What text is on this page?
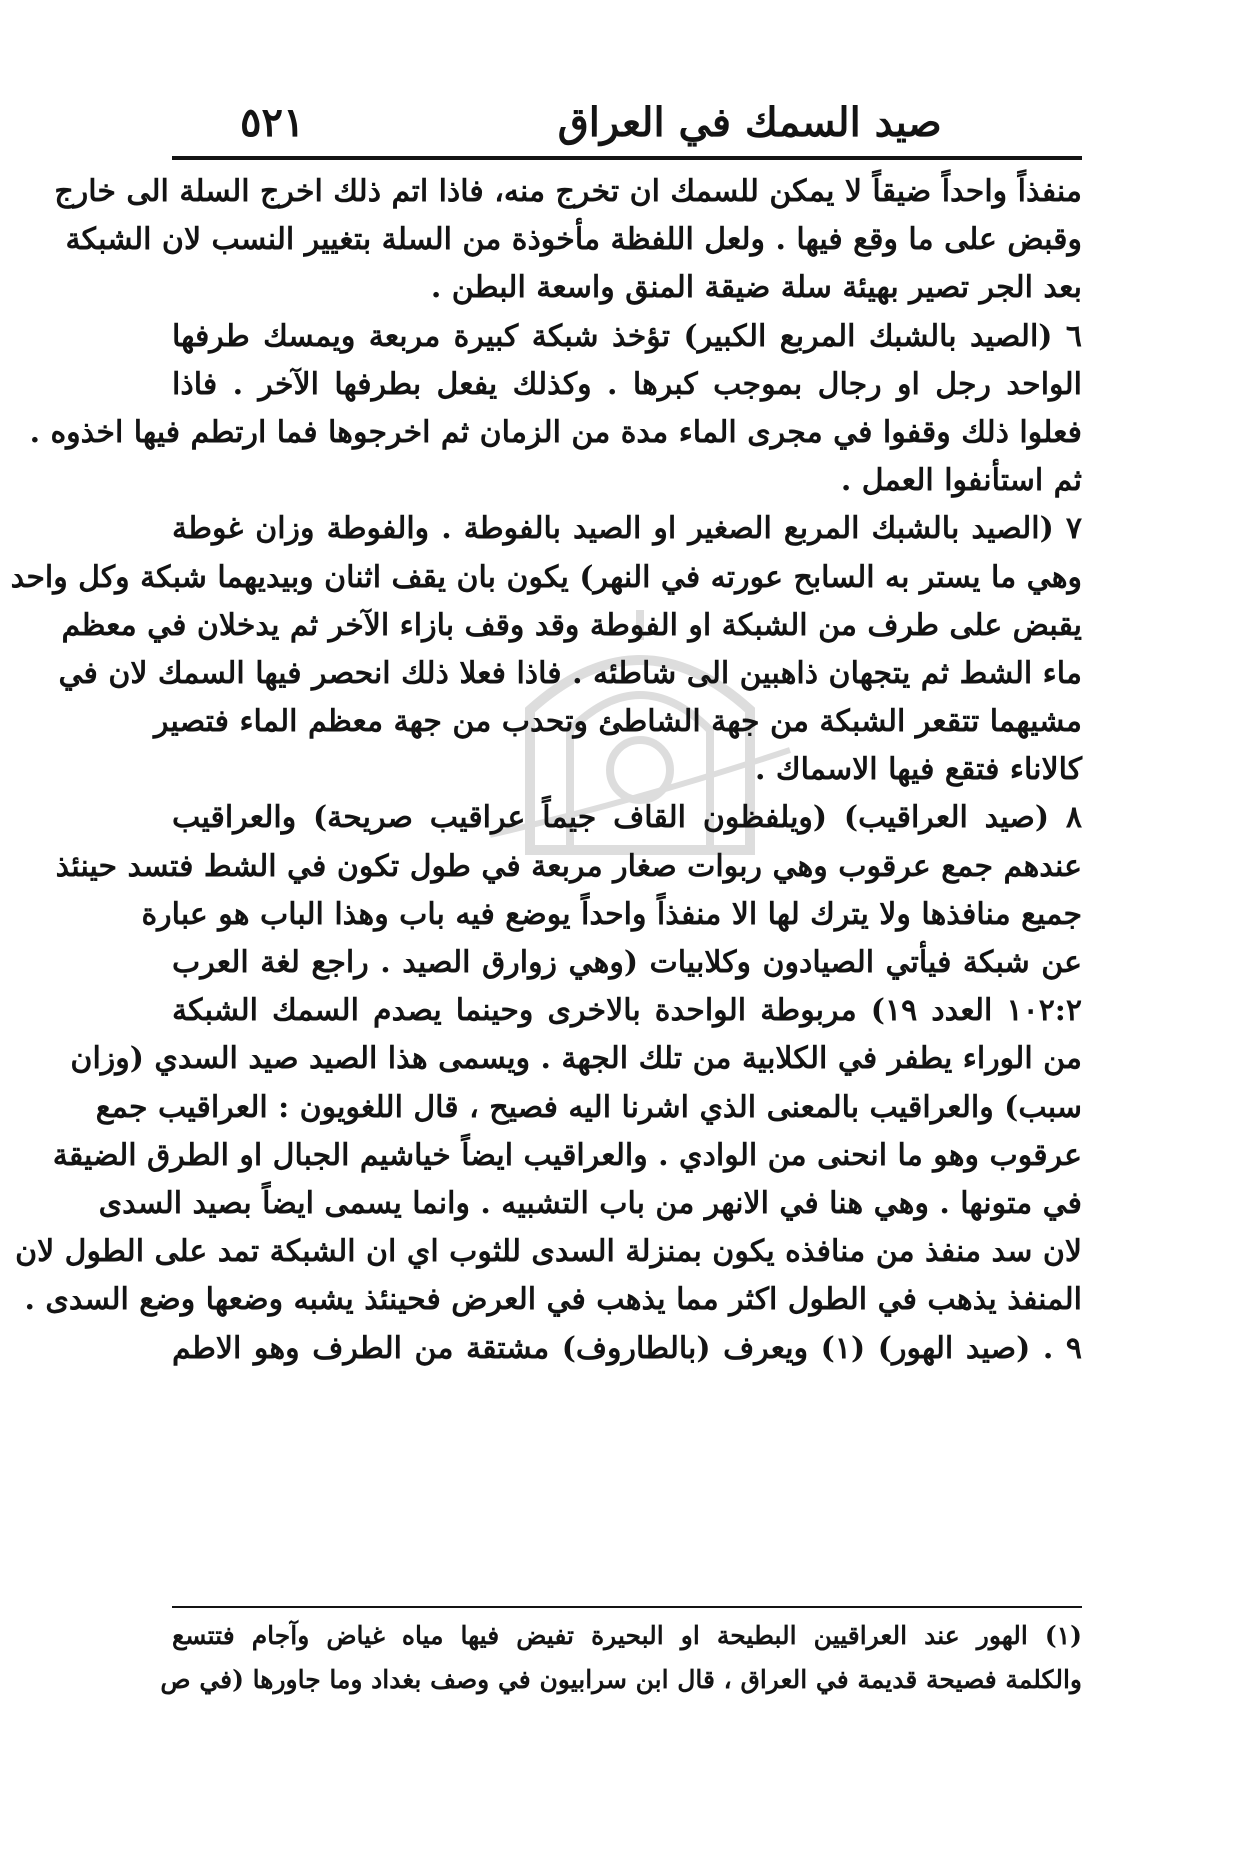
صيد السمك في العراق
٥٢١
منفذاً واحداً ضيقاً لا يمكن للسمك ان تخرج منه، فاذا اتم ذلك اخرج السلة الى خارج
وقبض على ما وقع فيها . ولعل اللفظة مأخوذة من السلة بتغيير النسب لان الشبكة
بعد الجر تصير بهيئة سلة ضيقة المنق واسعة البطن .
٦ (الصيد بالشبك المربع الكبير) تؤخذ شبكة كبيرة مربعة ويمسك طرفها
الواحد رجل او رجال بموجب كبرها . وكذلك يفعل بطرفها الآخر . فاذا
فعلوا ذلك وقفوا في مجرى الماء مدة من الزمان ثم اخرجوها فما ارتطم فيها اخذوه .
ثم استأنفوا العمل .
٧ (الصيد بالشبك المربع الصغير او الصيد بالفوطة . والفوطة وزان غوطة
وهي ما يستر به السابح عورته في النهر) يكون بان يقف اثنان وبيديهما شبكة وكل واحد
يقبض على طرف من الشبكة او الفوطة وقد وقف بازاء الآخر ثم يدخلان في معظم
ماء الشط ثم يتجهان ذاهبين الى شاطئه . فاذا فعلا ذلك انحصر فيها السمك لان في
مشيهما تتقعر الشبكة من جهة الشاطئ وتحدب من جهة معظم الماء فتصير
كالاناء فتقع فيها الاسماك .
٨ (صيد العراقيب) (ويلفظون القاف جيماً عراقيب صريحة) والعراقيب
عندهم جمع عرقوب وهي ربوات صغار مربعة في طول تكون في الشط فتسد حينئذ
جميع منافذها ولا يترك لها الا منفذاً واحداً يوضع فيه باب وهذا الباب هو عبارة
عن شبكة فيأتي الصيادون وكلابيات (وهي زوارق الصيد . راجع لغة العرب
١٠٢:٢ العدد ١٩) مربوطة الواحدة بالاخرى وحينما يصدم السمك الشبكة
من الوراء يطفر في الكلابية من تلك الجهة . ويسمى هذا الصيد صيد السدي (وزان
سبب) والعراقيب بالمعنى الذي اشرنا اليه فصيح ، قال اللغويون : العراقيب جمع
عرقوب وهو ما انحنى من الوادي . والعراقيب ايضاً خياشيم الجبال او الطرق الضيقة
في متونها . وهي هنا في الانهر من باب التشبيه . وانما يسمى ايضاً بصيد السدى
لان سد منفذ من منافذه يكون بمنزلة السدى للثوب اي ان الشبكة تمد على الطول لان
المنفذ يذهب في الطول اكثر مما يذهب في العرض فحينئذ يشبه وضعها وضع السدى .
٩ . (صيد الهور) (١) ويعرف (بالطاروف) مشتقة من الطرف وهو الاطم
(١) الهور عند العراقيين البطيحة او البحيرة تفيض فيها مياه غياض وآجام فتتسع
والكلمة فصيحة قديمة في العراق ، قال ابن سرابيون في وصف بغداد وما جاورها (في ص
